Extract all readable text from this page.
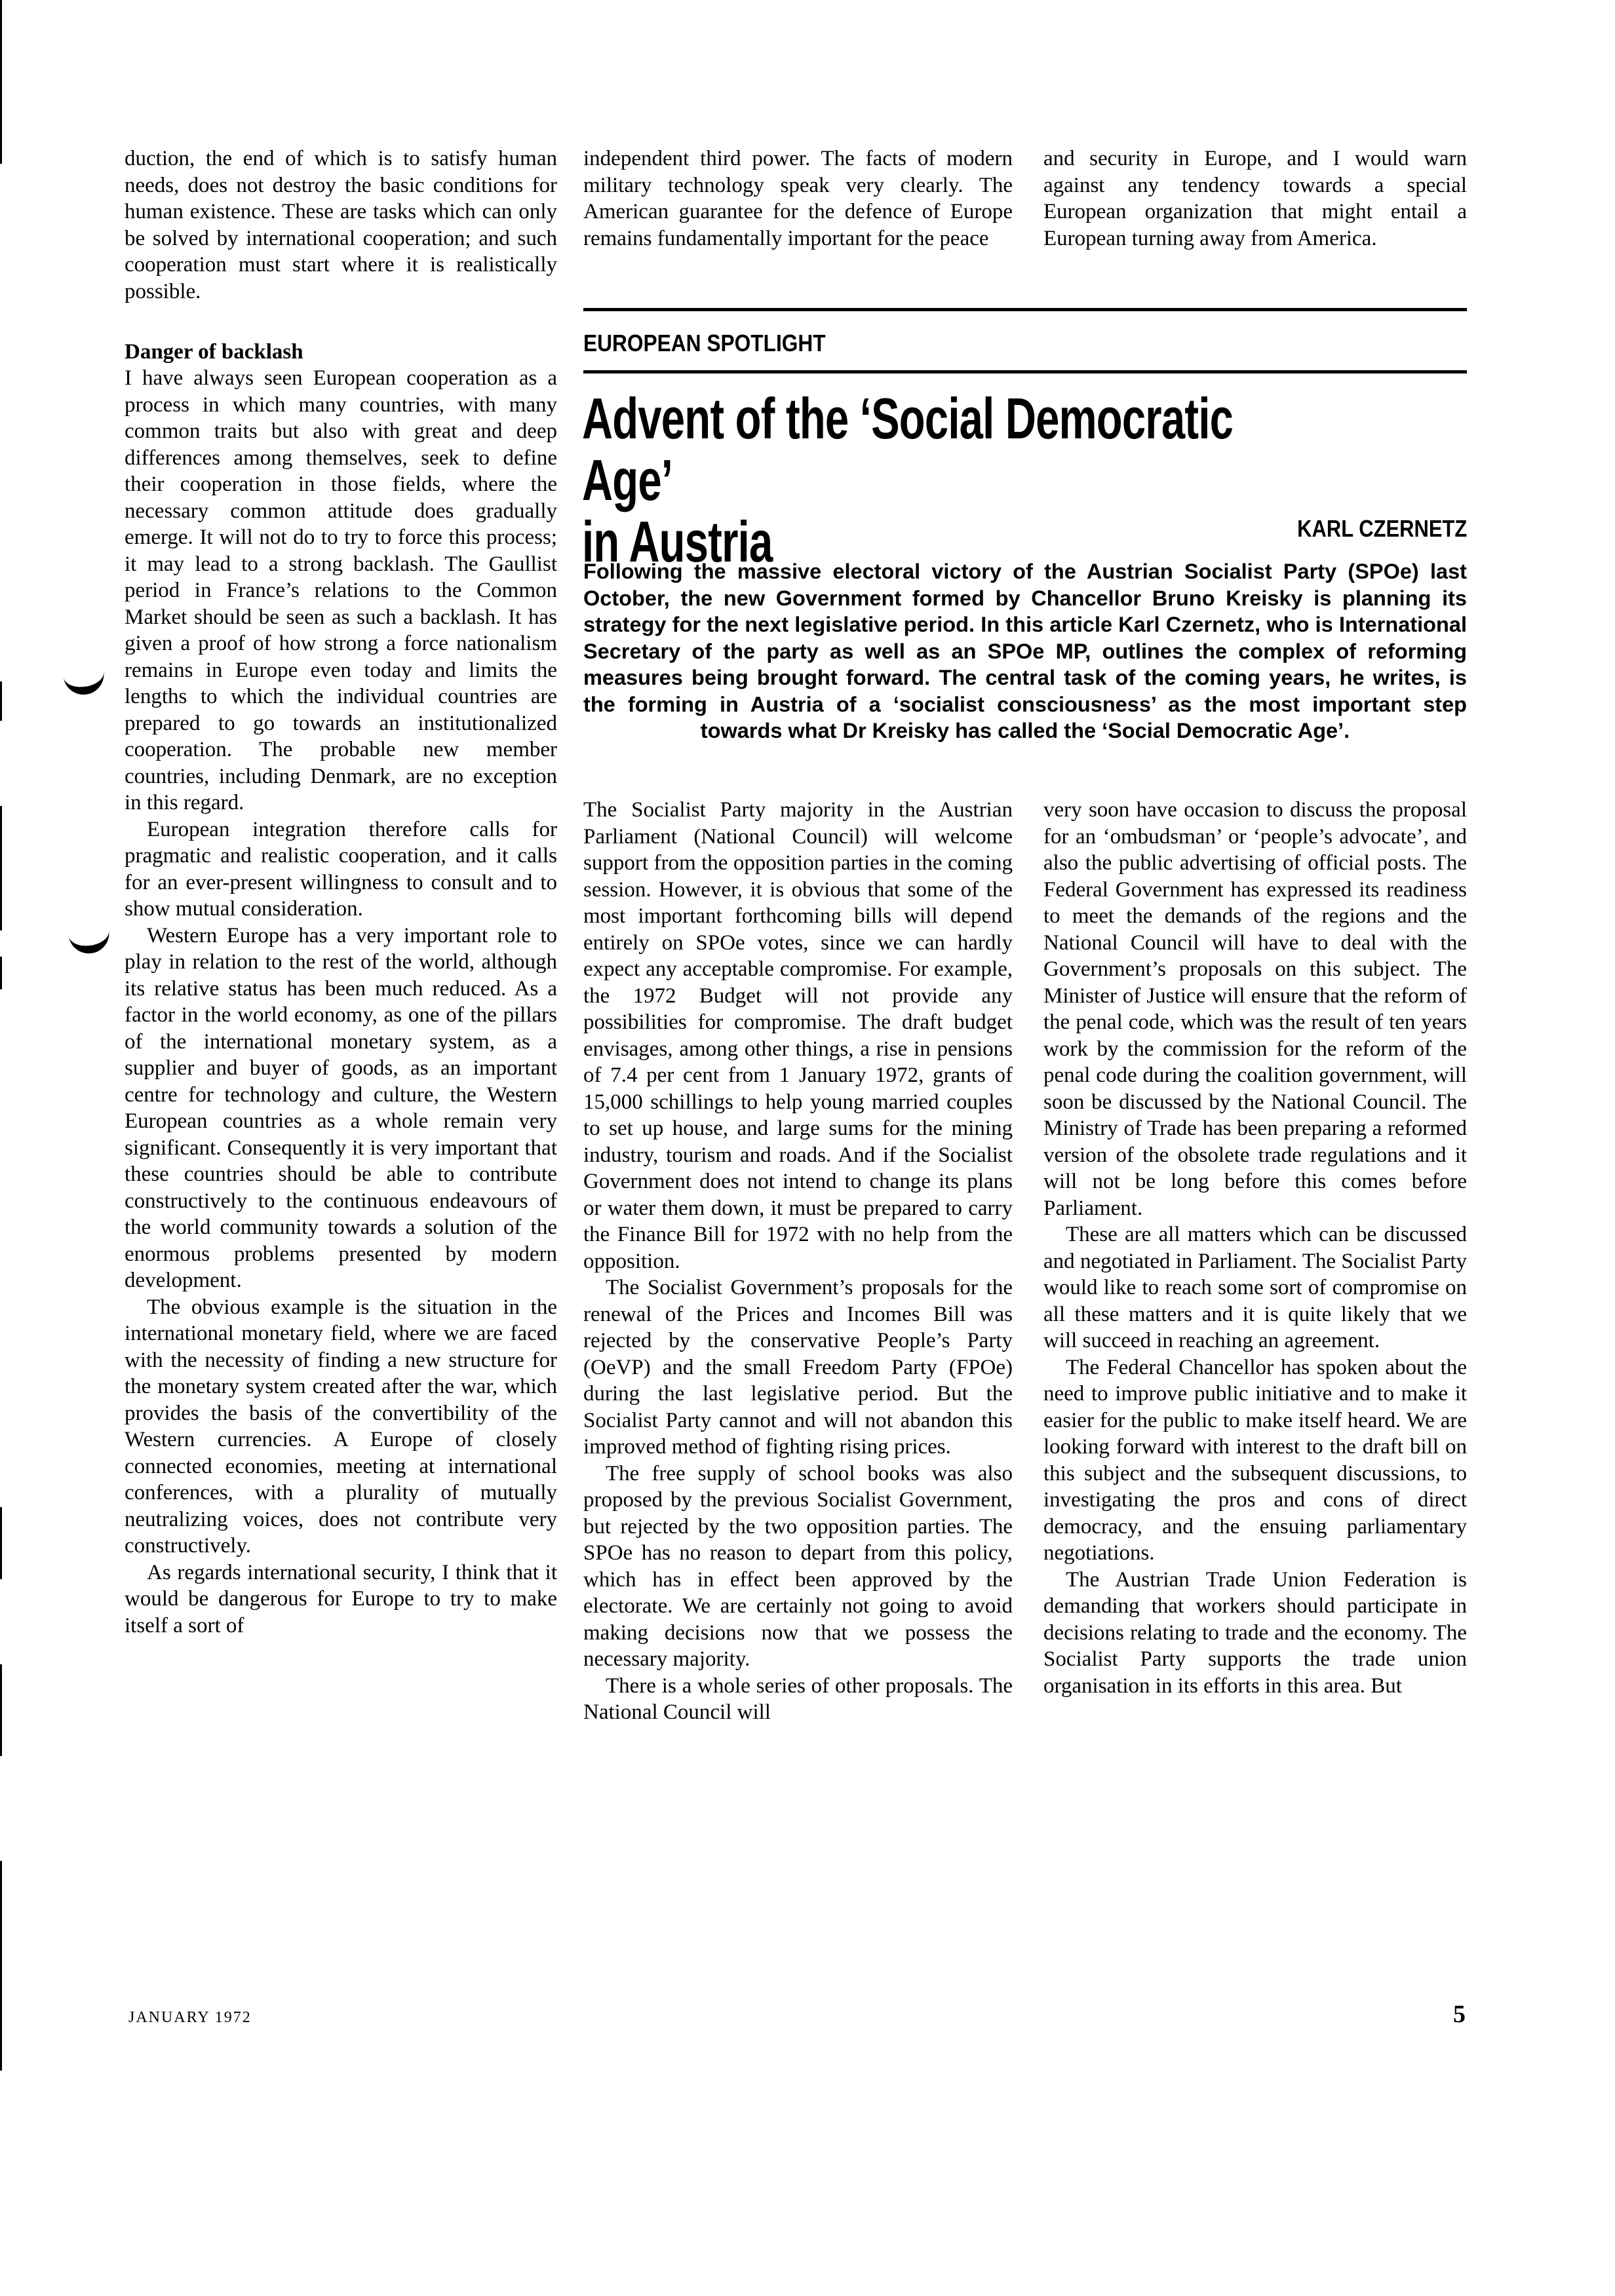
duction, the end of which is to satisfy human needs, does not destroy the basic conditions for human existence. These are tasks which can only be solved by international cooperation; and such cooperation must start where it is realistically possible.

Danger of backlash

I have always seen European cooperation as a process in which many countries, with many common traits but also with great and deep differences among themselves, seek to define their cooperation in those fields, where the necessary common attitude does gradually emerge. It will not do to try to force this process; it may lead to a strong backlash. The Gaullist period in France’s relations to the Common Market should be seen as such a backlash. It has given a proof of how strong a force nationalism remains in Europe even today and limits the lengths to which the individual countries are prepared to go towards an institutionalized cooperation. The probable new member countries, including Denmark, are no exception in this regard.

European integration therefore calls for pragmatic and realistic cooperation, and it calls for an ever-present willingness to consult and to show mutual consideration.

Western Europe has a very important role to play in relation to the rest of the world, although its relative status has been much reduced. As a factor in the world economy, as one of the pillars of the international monetary system, as a supplier and buyer of goods, as an important centre for technology and culture, the Western European countries as a whole remain very significant. Consequently it is very important that these countries should be able to contribute constructively to the continuous endeavours of the world community towards a solution of the enormous problems presented by modern development.

The obvious example is the situation in the international monetary field, where we are faced with the necessity of finding a new structure for the monetary system created after the war, which provides the basis of the convertibility of the Western currencies. A Europe of closely connected economies, meeting at international conferences, with a plurality of mutually neutralizing voices, does not contribute very constructively.

As regards international security, I think that it would be dangerous for Europe to try to make itself a sort of

independent third power. The facts of modern military technology speak very clearly. The American guarantee for the defence of Europe remains fundamentally important for the peace

and security in Europe, and I would warn against any tendency towards a special European organization that might entail a European turning away from America.

EUROPEAN SPOTLIGHT
Advent of the ‘Social Democratic Age’
in Austria	KARL CZERNETZ
Following the massive electoral victory of the Austrian Socialist Party (SPOe) last October, the new Government formed by Chancellor Bruno Kreisky is planning its strategy for the next legislative period. In this article Karl Czernetz, who is International Secretary of the party as well as an SPOe MP, outlines the complex of reforming measures being brought forward. The central task of the coming years, he writes, is the forming in Austria of a ‘socialist consciousness’ as the most important step towards what Dr Kreisky has called the ‘Social Democratic Age’.

The Socialist Party majority in the Austrian Parliament (National Council) will welcome support from the opposition parties in the coming session. However, it is obvious that some of the most important forthcoming bills will depend entirely on SPOe votes, since we can hardly expect any acceptable compromise. For example, the 1972 Budget will not provide any possibilities for compromise. The draft budget envisages, among other things, a rise in pensions of 7.4 per cent from 1 January 1972, grants of 15,000 schillings to help young married couples to set up house, and large sums for the mining industry, tourism and roads. And if the Socialist Government does not intend to change its plans or water them down, it must be prepared to carry the Finance Bill for 1972 with no help from the opposition.

The Socialist Government’s proposals for the renewal of the Prices and Incomes Bill was rejected by the conservative People’s Party (OeVP) and the small Freedom Party (FPOe) during the last legislative period. But the Socialist Party cannot and will not abandon this improved method of fighting rising prices.

The free supply of school books was also proposed by the previous Socialist Government, but rejected by the two opposition parties. The SPOe has no reason to depart from this policy, which has in effect been approved by the electorate. We are certainly not going to avoid making decisions now that we possess the necessary majority.

There is a whole series of other proposals. The National Council will

very soon have occasion to discuss the proposal for an ‘ombudsman’ or ‘people’s advocate’, and also the public advertising of official posts. The Federal Government has expressed its readiness to meet the demands of the regions and the National Council will have to deal with the Government’s proposals on this subject. The Minister of Justice will ensure that the reform of the penal code, which was the result of ten years work by the commission for the reform of the penal code during the coalition government, will soon be discussed by the National Council. The Ministry of Trade has been preparing a reformed version of the obsolete trade regulations and it will not be long before this comes before Parliament.

These are all matters which can be discussed and negotiated in Parliament. The Socialist Party would like to reach some sort of compromise on all these matters and it is quite likely that we will succeed in reaching an agreement.

The Federal Chancellor has spoken about the need to improve public initiative and to make it easier for the public to make itself heard. We are looking forward with interest to the draft bill on this subject and the subsequent discussions, to investigating the pros and cons of direct democracy, and the ensuing parliamentary negotiations.

The Austrian Trade Union Federation is demanding that workers should participate in decisions relating to trade and the economy. The Socialist Party supports the trade union organisation in its efforts in this area. But

JANUARY 1972	5
